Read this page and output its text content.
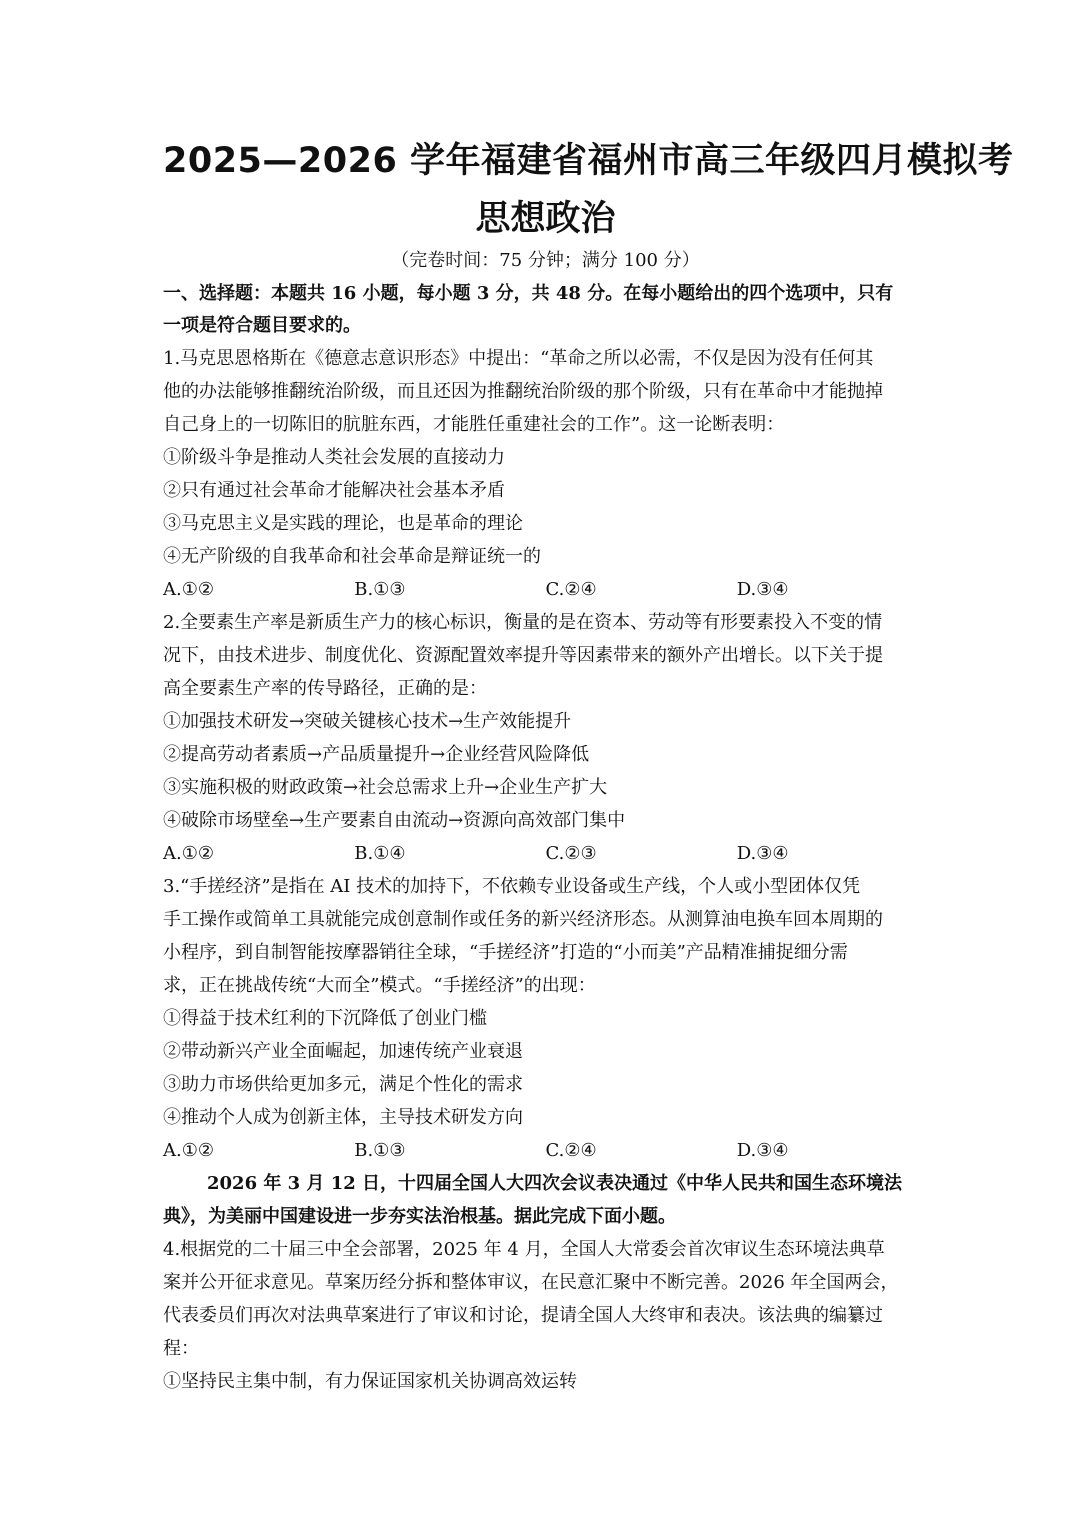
2025—2026 学年福建省福州市高三年级四月模拟考
思想政治

（完卷时间：75 分钟；满分 100 分）

一、选择题：本题共 16 小题，每小题 3 分，共 48 分。在每小题给出的四个选项中，只有

一项是符合题目要求的。

1.马克思恩格斯在《德意志意识形态》中提出：“革命之所以必需，不仅是因为没有任何其

他的办法能够推翻统治阶级，而且还因为推翻统治阶级的那个阶级，只有在革命中才能抛掉

自己身上的一切陈旧的肮脏东西，才能胜任重建社会的工作”。这一论断表明：

①阶级斗争是推动人类社会发展的直接动力

②只有通过社会革命才能解决社会基本矛盾

③马克思主义是实践的理论，也是革命的理论

④无产阶级的自我革命和社会革命是辩证统一的

A.①②	B.①③	C.②④	D.③④

2.全要素生产率是新质生产力的核心标识，衡量的是在资本、劳动等有形要素投入不变的情

况下，由技术进步、制度优化、资源配置效率提升等因素带来的额外产出增长。以下关于提

高全要素生产率的传导路径，正确的是：

①加强技术研发→突破关键核心技术→生产效能提升

②提高劳动者素质→产品质量提升→企业经营风险降低

③实施积极的财政政策→社会总需求上升→企业生产扩大

④破除市场壁垒→生产要素自由流动→资源向高效部门集中

A.①②	B.①④	C.②③	D.③④

3.“手搓经济”是指在 AI 技术的加持下，不依赖专业设备或生产线，个人或小型团体仅凭

手工操作或简单工具就能完成创意制作或任务的新兴经济形态。从测算油电换车回本周期的

小程序，到自制智能按摩器销往全球，“手搓经济”打造的“小而美”产品精准捕捉细分需

求，正在挑战传统“大而全”模式。“手搓经济”的出现：

①得益于技术红利的下沉降低了创业门槛

②带动新兴产业全面崛起，加速传统产业衰退

③助力市场供给更加多元，满足个性化的需求

④推动个人成为创新主体，主导技术研发方向

A.①②	B.①③	C.②④	D.③④

2026 年 3 月 12 日，十四届全国人大四次会议表决通过《中华人民共和国生态环境法

典》，为美丽中国建设进一步夯实法治根基。据此完成下面小题。

4.根据党的二十届三中全会部署，2025 年 4 月，全国人大常委会首次审议生态环境法典草

案并公开征求意见。草案历经分拆和整体审议，在民意汇聚中不断完善。2026 年全国两会，

代表委员们再次对法典草案进行了审议和讨论，提请全国人大终审和表决。该法典的编纂过

程：

①坚持民主集中制，有力保证国家机关协调高效运转
